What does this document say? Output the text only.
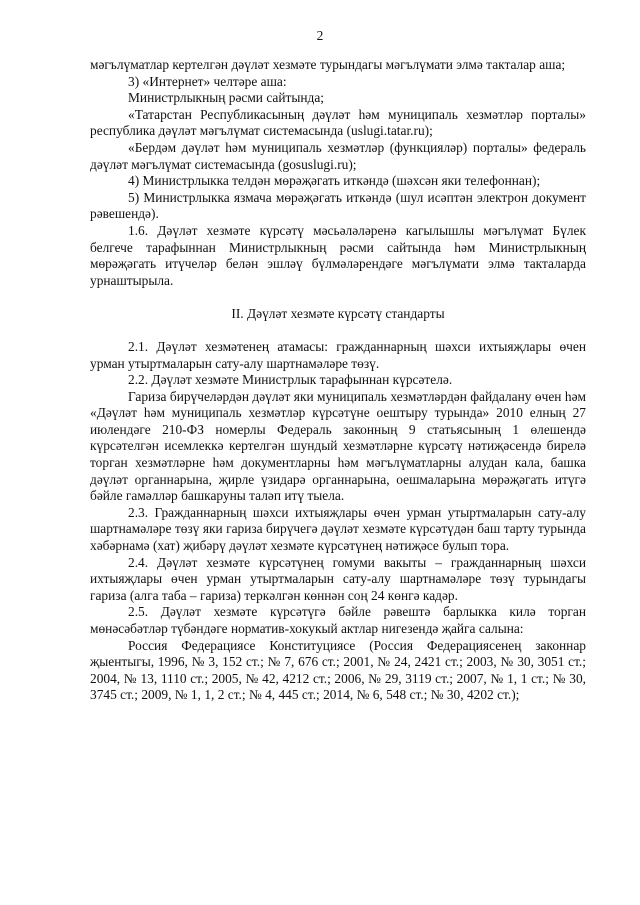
2

мәгълүматлар кертелгән дәүләт хезмәте турындагы мәгълүмати элмә такталар аша;

3) «Интернет» челтәре аша:

Министрлыкның рәсми сайтында;

«Татарстан Республикасының дәүләт һәм муниципаль хезмәтләр порталы» республика дәүләт мәгълүмат системасында (uslugi.tatar.ru);

«Бердәм дәүләт һәм муниципаль хезмәтләр (функцияләр) порталы» федераль дәүләт мәгълүмат системасында (gosuslugi.ru);

4) Министрлыкка телдән мөрәҗәгать иткәндә (шәхсән яки телефоннан);

5) Министрлыкка язмача мөрәҗәгать иткәндә (шул исәптән электрон документ рәвешендә).

1.6. Дәүләт хезмәте күрсәтү мәсьәләләренә кагылышлы мәгълүмат Бүлек белгече тарафыннан Министрлыкның рәсми сайтында һәм Министрлыкның мөрәҗәгать итүчеләр белән эшләү бүлмәләрендәге мәгълүмати элмә такталарда урнаштырыла.

II. Дәүләт хезмәте күрсәтү стандарты

2.1. Дәүләт хезмәтенең атамасы: гражданнарның шәхси ихтыяҗлары өчен урман утыртмаларын сату-алу шартнамәләре төзү.

2.2. Дәүләт хезмәте Министрлык тарафыннан күрсәтелә.

Гариза бирүчеләрдән дәүләт яки муниципаль хезмәтләрдән файдалану өчен һәм «Дәүләт һәм муниципаль хезмәтләр күрсәтүне оештыру турында» 2010 елның 27 июлендәге 210-ФЗ номерлы Федераль законның 9 статьясының 1 өлешендә күрсәтелгән исемлеккә кертелгән шундый хезмәтләрне күрсәтү нәтиҗәсендә бирелә торган хезмәтләрне һәм документларны һәм мәгълүматларны алудан кала, башка дәүләт органнарына, җирле үзидарә органнарына, оешмаларына мөрәҗәгать итүгә бәйле гамәлләр башкаруны таләп итү тыела.

2.3. Гражданнарның шәхси ихтыяҗлары өчен урман утыртмаларын сату-алу шартнамәләре төзү яки гариза бирүчегә дәүләт хезмәте күрсәтүдән баш тарту турында хәбәрнамә (хат) җибәрү дәүләт хезмәте күрсәтүнең нәтиҗәсе булып тора.

2.4. Дәүләт хезмәте күрсәтүнең гомуми вакыты – гражданнарның шәхси ихтыяҗлары өчен урман утыртмаларын сату-алу шартнамәләре төзү турындагы гариза (алга таба – гариза) теркәлгән көннән соң 24 көнгә кадәр.

2.5. Дәүләт хезмәте күрсәтүгә бәйле рәвештә барлыкка килә торган мөнәсәбәтләр түбәндәге норматив-хокукый актлар нигезендә җайга салына:

Россия Федерациясе Конституциясе (Россия Федерациясенең законнар җыентыгы, 1996, № 3, 152 ст.; № 7, 676 ст.; 2001, № 24, 2421 ст.; 2003, № 30, 3051 ст.; 2004, № 13, 1110 ст.; 2005, № 42, 4212 ст.; 2006, № 29, 3119 ст.; 2007, № 1, 1 ст.; № 30, 3745 ст.; 2009, № 1, 1, 2 ст.; № 4, 445 ст.; 2014, № 6, 548 ст.; № 30, 4202 ст.);
